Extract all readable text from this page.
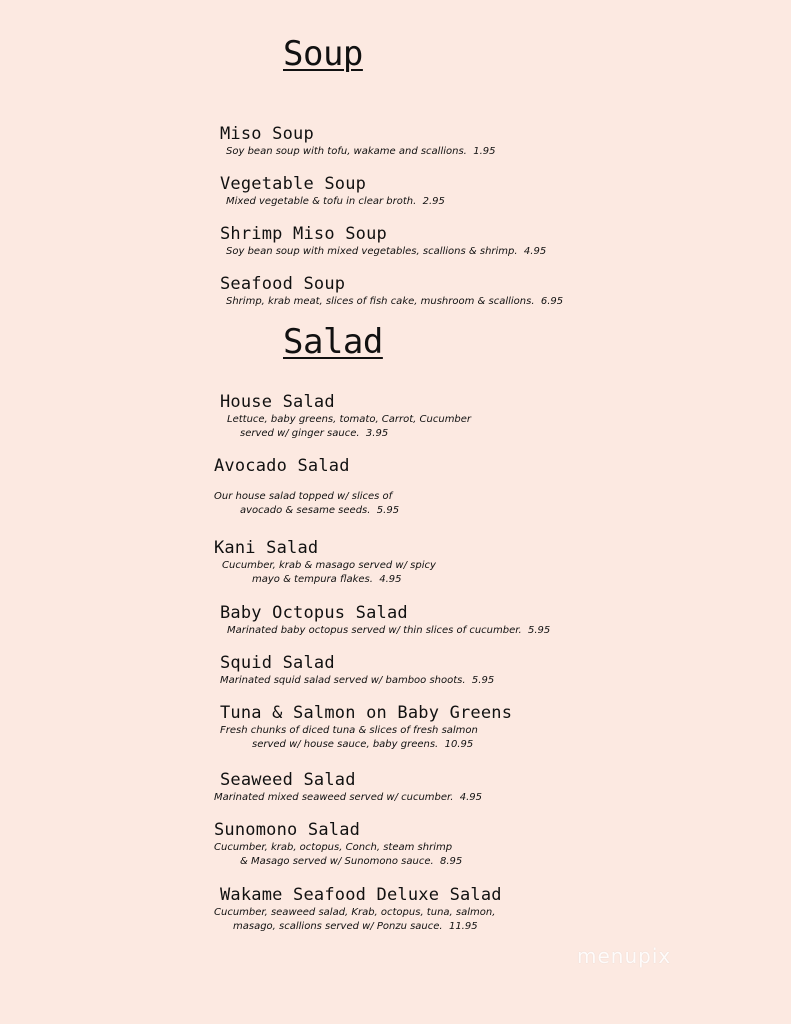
Soup
Miso Soup
Soy bean soup with tofu, wakame and scallions.  1.95
Vegetable Soup
Mixed vegetable & tofu in clear broth.  2.95
Shrimp Miso Soup
Soy bean soup with mixed vegetables, scallions & shrimp.  4.95
Seafood Soup
Shrimp, krab meat, slices of fish cake, mushroom & scallions.  6.95
Salad
House Salad
Lettuce, baby greens, tomato, Carrot, Cucumber
served w/ ginger sauce.  3.95
Avocado Salad
Our house salad topped w/ slices of
avocado & sesame seeds.  5.95
Kani Salad
Cucumber, krab & masago served w/ spicy
mayo & tempura flakes.  4.95
Baby Octopus Salad
Marinated baby octopus served w/ thin slices of cucumber.  5.95
Squid Salad
Marinated squid salad served w/ bamboo shoots.  5.95
Tuna & Salmon on Baby Greens
Fresh chunks of diced tuna & slices of fresh salmon
served w/ house sauce, baby greens.  10.95
Seaweed Salad
Marinated mixed seaweed served w/ cucumber.  4.95
Sunomono Salad
Cucumber, krab, octopus, Conch, steam shrimp
& Masago served w/ Sunomono sauce.  8.95
Wakame Seafood Deluxe Salad
Cucumber, seaweed salad, Krab, octopus, tuna, salmon,
masago, scallions served w/ Ponzu sauce.  11.95
menupix
